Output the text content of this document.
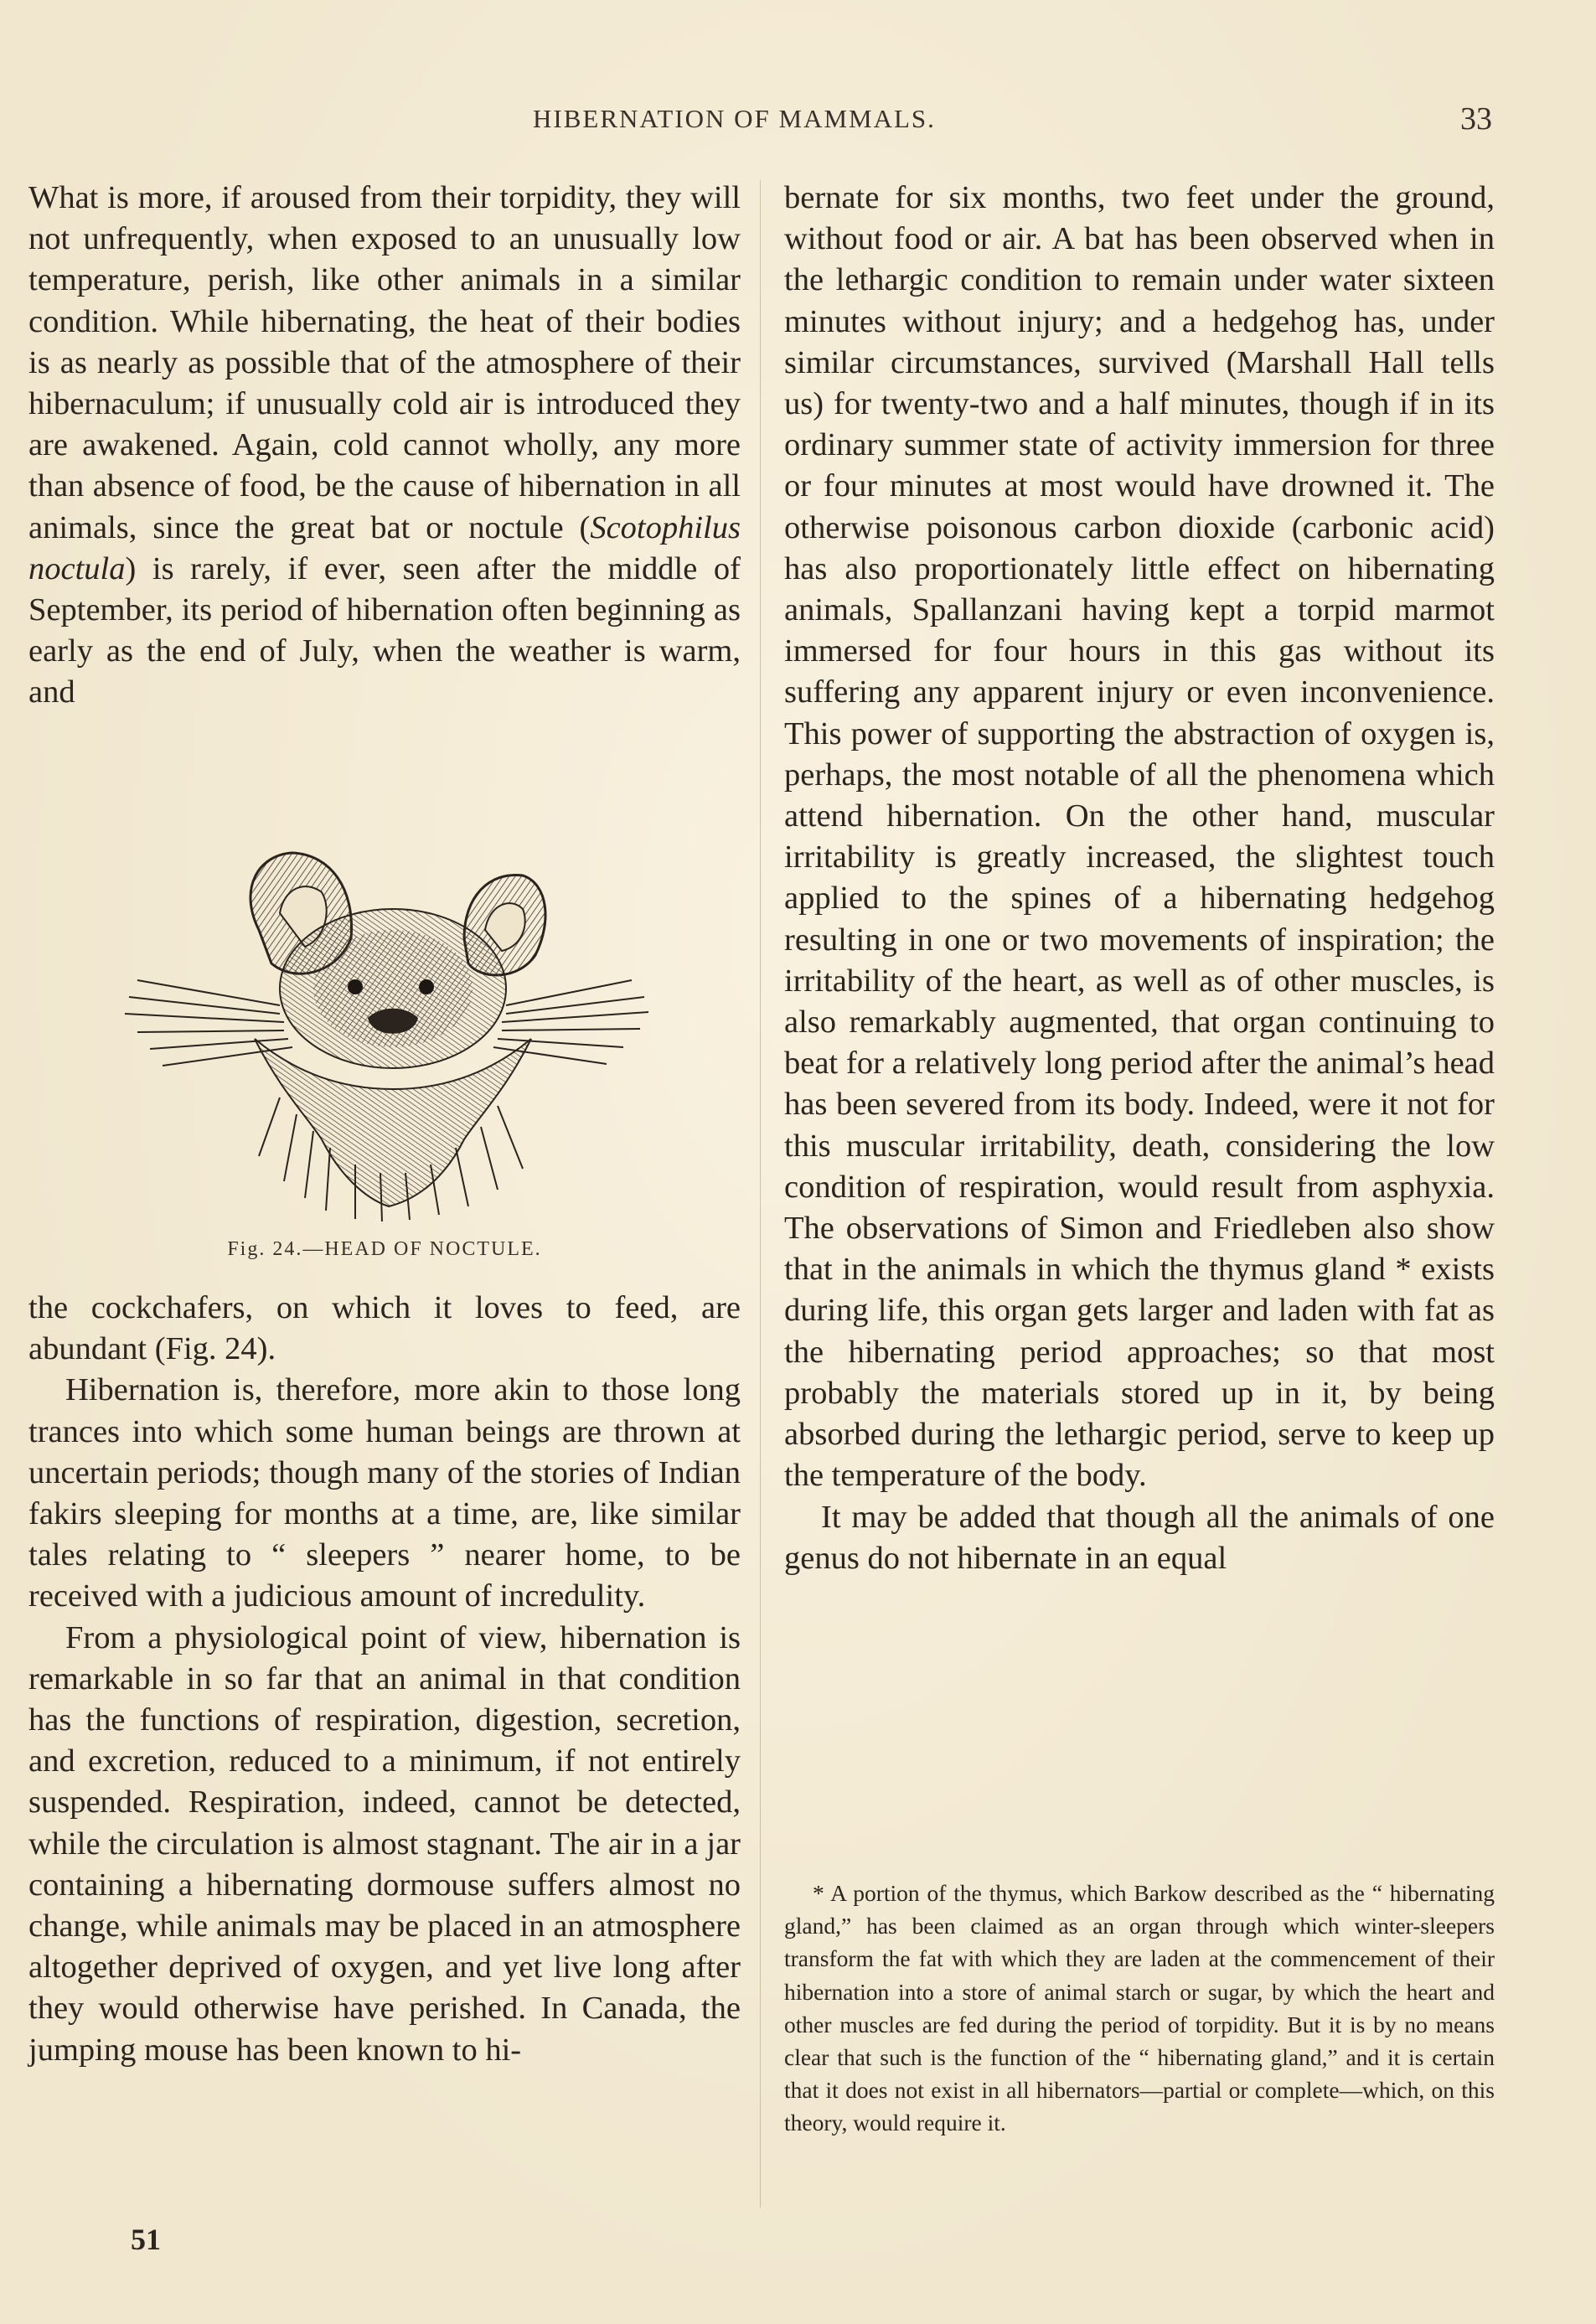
HIBERNATION OF MAMMALS.	33

What is more, if aroused from their torpidity, they will not unfrequently, when exposed to an unusually low temperature, perish, like other animals in a similar condition. While hibernating, the heat of their bodies is as nearly as possible that of the atmosphere of their hibernaculum; if unusually cold air is introduced they are awakened. Again, cold cannot wholly, any more than absence of food, be the cause of hibernation in all animals, since the great bat or noctule (Scotophilus noctula) is rarely, if ever, seen after the middle of September, its period of hibernation often beginning as early as the end of July, when the weather is warm, and

Fig. 24.—HEAD OF NOCTULE.

the cockchafers, on which it loves to feed, are abundant (Fig. 24).

Hibernation is, therefore, more akin to those long trances into which some human beings are thrown at uncertain periods; though many of the stories of Indian fakirs sleeping for months at a time, are, like similar tales relating to “ sleepers ” nearer home, to be received with a judicious amount of incredulity.

From a physiological point of view, hibernation is remarkable in so far that an animal in that condition has the functions of respiration, digestion, secretion, and excretion, reduced to a minimum, if not entirely suspended. Respiration, indeed, cannot be detected, while the circulation is almost stagnant. The air in a jar containing a hibernating dormouse suffers almost no change, while animals may be placed in an atmosphere altogether deprived of oxygen, and yet live long after they would otherwise have perished. In Canada, the jumping mouse has been known to hi-

bernate for six months, two feet under the ground, without food or air. A bat has been observed when in the lethargic condition to remain under water sixteen minutes without injury; and a hedgehog has, under similar circumstances, survived (Marshall Hall tells us) for twenty-two and a half minutes, though if in its ordinary summer state of activity immersion for three or four minutes at most would have drowned it. The otherwise poisonous carbon dioxide (carbonic acid) has also proportionately little effect on hibernating animals, Spallanzani having kept a torpid marmot immersed for four hours in this gas without its suffering any apparent injury or even inconvenience. This power of supporting the abstraction of oxygen is, perhaps, the most notable of all the phenomena which attend hibernation. On the other hand, muscular irritability is greatly increased, the slightest touch applied to the spines of a hibernating hedgehog resulting in one or two movements of inspiration; the irritability of the heart, as well as of other muscles, is also remarkably augmented, that organ continuing to beat for a relatively long period after the animal’s head has been severed from its body. Indeed, were it not for this muscular irritability, death, considering the low condition of respiration, would result from asphyxia. The observations of Simon and Friedleben also show that in the animals in which the thymus gland * exists during life, this organ gets larger and laden with fat as the hibernating period approaches; so that most probably the materials stored up in it, by being absorbed during the lethargic period, serve to keep up the temperature of the body.

It may be added that though all the animals of one genus do not hibernate in an equal

* A portion of the thymus, which Barkow described as the “ hibernating gland,” has been claimed as an organ through which winter-sleepers transform the fat with which they are laden at the commencement of their hibernation into a store of animal starch or sugar, by which the heart and other muscles are fed during the period of torpidity. But it is by no means clear that such is the function of the “ hibernating gland,” and it is certain that it does not exist in all hibernators—partial or complete—which, on this theory, would require it.

51
